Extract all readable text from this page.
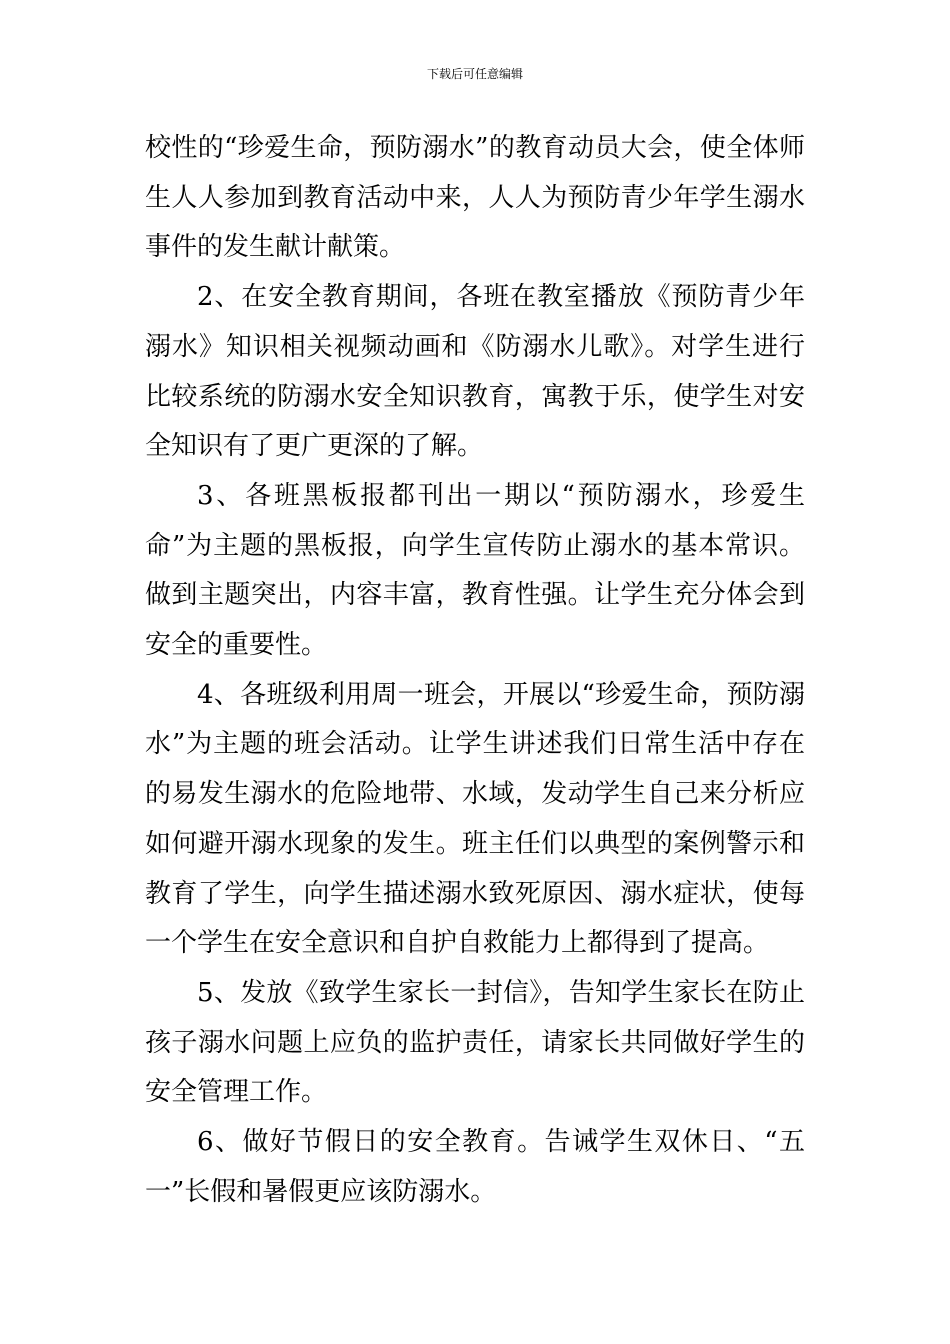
下载后可任意编辑

校性的“珍爱生命，预防溺水”的教育动员大会，使全体师生人人参加到教育活动中来，人人为预防青少年学生溺水事件的发生献计献策。

2、在安全教育期间，各班在教室播放《预防青少年溺水》知识相关视频动画和《防溺水儿歌》。对学生进行比较系统的防溺水安全知识教育，寓教于乐，使学生对安全知识有了更广更深的了解。

3、各班黑板报都刊出一期以“预防溺水，珍爱生命”为主题的黑板报，向学生宣传防止溺水的基本常识。做到主题突出，内容丰富，教育性强。让学生充分体会到安全的重要性。

4、各班级利用周一班会，开展以“珍爱生命，预防溺水”为主题的班会活动。让学生讲述我们日常生活中存在的易发生溺水的危险地带、水域，发动学生自己来分析应如何避开溺水现象的发生。班主任们以典型的案例警示和教育了学生，向学生描述溺水致死原因、溺水症状，使每一个学生在安全意识和自护自救能力上都得到了提高。

5、发放《致学生家长一封信》，告知学生家长在防止孩子溺水问题上应负的监护责任，请家长共同做好学生的安全管理工作。

6、做好节假日的安全教育。告诫学生双休日、“五一”长假和暑假更应该防溺水。
